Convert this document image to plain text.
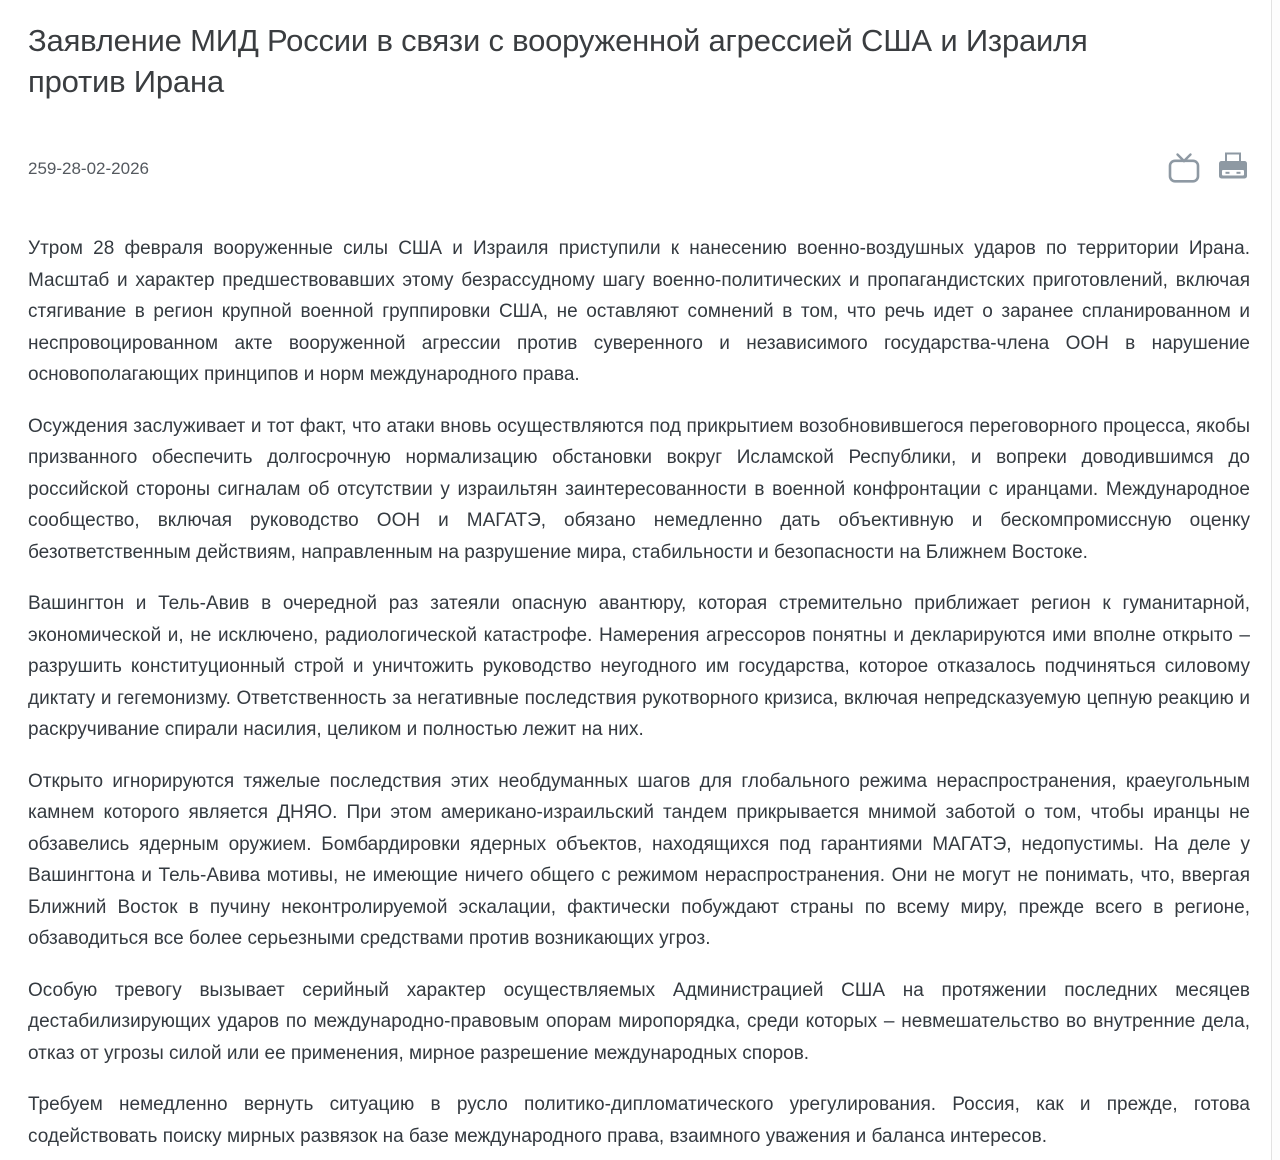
Заявление МИД России в связи с вооруженной агрессией США и Израиля против Ирана
259-28-02-2026

Утром 28 февраля вооруженные силы США и Израиля приступили к нанесению военно-воздушных ударов по территории Ирана. Масштаб и характер предшествовавших этому безрассудному шагу военно-политических и пропагандистских приготовлений, включая стягивание в регион крупной военной группировки США, не оставляют сомнений в том, что речь идет о заранее спланированном и неспровоцированном акте вооруженной агрессии против суверенного и независимого государства-члена ООН в нарушение основополагающих принципов и норм международного права.

Осуждения заслуживает и тот факт, что атаки вновь осуществляются под прикрытием возобновившегося переговорного процесса, якобы призванного обеспечить долгосрочную нормализацию обстановки вокруг Исламской Республики, и вопреки доводившимся до российской стороны сигналам об отсутствии у израильтян заинтересованности в военной конфронтации с иранцами. Международное сообщество, включая руководство ООН и МАГАТЭ, обязано немедленно дать объективную и бескомпромиссную оценку безответственным действиям, направленным на разрушение мира, стабильности и безопасности на Ближнем Востоке.

Вашингтон и Тель-Авив в очередной раз затеяли опасную авантюру, которая стремительно приближает регион к гуманитарной, экономической и, не исключено, радиологической катастрофе. Намерения агрессоров понятны и декларируются ими вполне открыто – разрушить конституционный строй и уничтожить руководство неугодного им государства, которое отказалось подчиняться силовому диктату и гегемонизму. Ответственность за негативные последствия рукотворного кризиса, включая непредсказуемую цепную реакцию и раскручивание спирали насилия, целиком и полностью лежит на них.

Открыто игнорируются тяжелые последствия этих необдуманных шагов для глобального режима нераспространения, краеугольным камнем которого является ДНЯО. При этом американо-израильский тандем прикрывается мнимой заботой о том, чтобы иранцы не обзавелись ядерным оружием. Бомбардировки ядерных объектов, находящихся под гарантиями МАГАТЭ, недопустимы. На деле у Вашингтона и Тель-Авива мотивы, не имеющие ничего общего с режимом нераспространения. Они не могут не понимать, что, ввергая Ближний Восток в пучину неконтролируемой эскалации, фактически побуждают страны по всему миру, прежде всего в регионе, обзаводиться все более серьезными средствами против возникающих угроз.

Особую тревогу вызывает серийный характер осуществляемых Администрацией США на протяжении последних месяцев дестабилизирующих ударов по международно-правовым опорам миропорядка, среди которых – невмешательство во внутренние дела, отказ от угрозы силой или ее применения, мирное разрешение международных споров.

Требуем немедленно вернуть ситуацию в русло политико-дипломатического урегулирования. Россия, как и прежде, готова содействовать поиску мирных развязок на базе международного права, взаимного уважения и баланса интересов.
